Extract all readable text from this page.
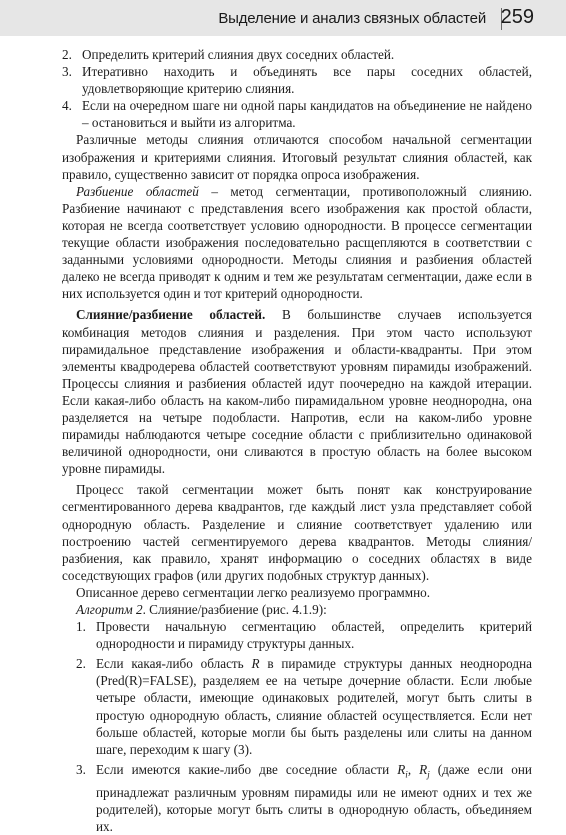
Выделение и анализ связных областей 259
2. Определить критерий слияния двух соседних областей.
3. Итеративно находить и объединять все пары соседних областей, удовлетворяющие критерию слияния.
4. Если на очередном шаге ни одной пары кандидатов на объединение не найдено – остановиться и выйти из алгоритма.

Различные методы слияния отличаются способом начальной сегментации изображения и критериями слияния. Итоговый результат слияния областей, как правило, существенно зависит от порядка опроса изображения.

Разбиение областей – метод сегментации, противоположный слиянию. Разбиение начинают с представления всего изображения как простой области, которая не всегда соответствует условию однородности. В процессе сегментации текущие области изображения последовательно расщепляются в соответствии с заданными условиями однородности. Методы слияния и разбиения областей далеко не всегда приводят к одним и тем же результатам сегментации, даже если в них используется один и тот критерий однородности.

Слияние/разбиение областей. В большинстве случаев используется комбинация методов слияния и разделения. При этом часто используют пирамидальное представление изображения и области-квадранты. При этом элементы квадродерева областей соответствуют уровням пирамиды изображений. Процессы слияния и разбиения областей идут поочередно на каждой итерации. Если какая-либо область на каком-либо пирамидальном уровне неоднородна, она разделяется на четыре подобласти. Напротив, если на каком-либо уровне пирамиды наблюдаются четыре соседние области с приблизительно одинаковой величиной однородности, они сливаются в простую область на более высоком уровне пирамиды.

Процесс такой сегментации может быть понят как конструирование сегментированного дерева квадрантов, где каждый лист узла представляет собой однородную область. Разделение и слияние соответствует удалению или построению частей сегментируемого дерева квадрантов. Методы слияния/разбиения, как правило, хранят информацию о соседних областях в виде соседствующих графов (или других подобных структур данных).

Описанное дерево сегментации легко реализуемо программно.

Алгоритм 2. Слияние/разбиение (рис. 4.1.9):

1. Провести начальную сегментацию областей, определить критерий однородности и пирамиду структуры данных.
2. Если какая-либо область R в пирамиде структуры данных неоднородна (Pred(R)=FALSE), разделяем ее на четыре дочерние области. Если любые четыре области, имеющие одинаковых родителей, могут быть слиты в простую однородную область, слияние областей осуществляется. Если нет больше областей, которые могли бы быть разделены или слиты на данном шаге, переходим к шагу (3).
3. Если имеются какие-либо две соседние области $R_i$, $R_j$ (даже если они принадлежат различным уровням пирамиды или не имеют одних и тех же родителей), которые могут быть слиты в однородную область, объединяем их.
